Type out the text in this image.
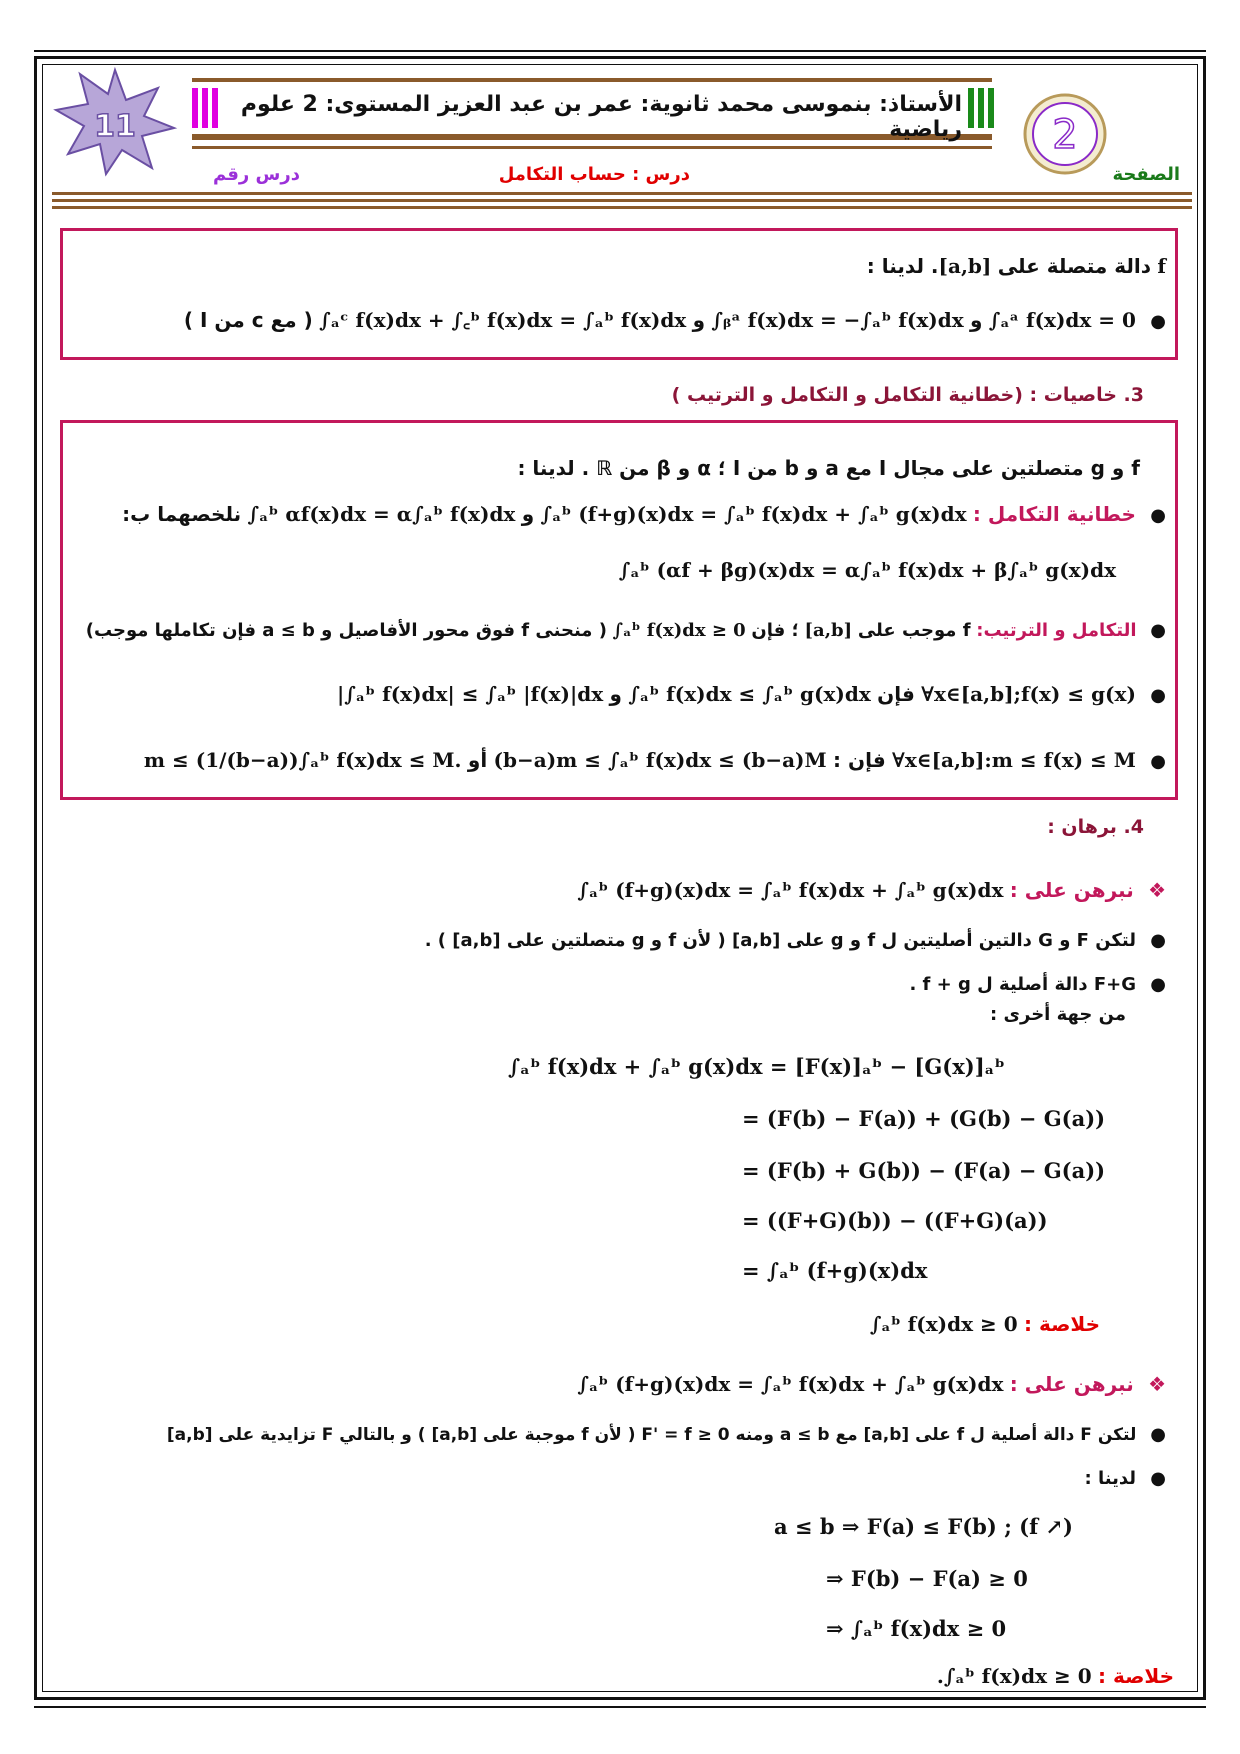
11
الأستاذ: بنموسى محمد ثانوية: عمر بن عبد العزيز المستوى: 2 علوم رياضية 2
الصفحة
درس : حساب التكامل
درس رقم
f دالة متصلة على [a,b]. لدينا :
● ∫ₐᵃ f(x)dx = 0 و ∫ᵦᵃ f(x)dx = −∫ₐᵇ f(x)dx و ∫ₐᶜ f(x)dx + ∫꜀ᵇ f(x)dx = ∫ₐᵇ f(x)dx ( مع c من I )
3. خاصيات : (خطانية التكامل و التكامل و الترتيب )
f و g متصلتين على مجال I مع a و b من I ؛ α و β من ℝ . لدينا :
● خطانية التكامل : ∫ₐᵇ (f+g)(x)dx = ∫ₐᵇ f(x)dx + ∫ₐᵇ g(x)dx و ∫ₐᵇ αf(x)dx = α∫ₐᵇ f(x)dx نلخصهما ب:
∫ₐᵇ (αf + βg)(x)dx = α∫ₐᵇ f(x)dx + β∫ₐᵇ g(x)dx
● التكامل و الترتيب: f موجب على [a,b] ؛ فإن ∫ₐᵇ f(x)dx ≥ 0 ( منحنى f فوق محور الأفاصيل و a ≤ b فإن تكاملها موجب)
● ∀x∈[a,b];f(x) ≤ g(x) فإن ∫ₐᵇ f(x)dx ≤ ∫ₐᵇ g(x)dx و |∫ₐᵇ f(x)dx| ≤ ∫ₐᵇ |f(x)|dx
● ∀x∈[a,b]:m ≤ f(x) ≤ M فإن : (b−a)m ≤ ∫ₐᵇ f(x)dx ≤ (b−a)M أو m ≤ (1/(b−a))∫ₐᵇ f(x)dx ≤ M.
4. برهان :
❖ نبرهن على : ∫ₐᵇ (f+g)(x)dx = ∫ₐᵇ f(x)dx + ∫ₐᵇ g(x)dx
● لتكن F و G دالتين أصليتين ل f و g على [a,b] ( لأن f و g متصلتين على [a,b] ) .
● F+G دالة أصلية ل f + g .
من جهة أخرى :
∫ₐᵇ f(x)dx + ∫ₐᵇ g(x)dx = [F(x)]ₐᵇ − [G(x)]ₐᵇ
= (F(b) − F(a)) + (G(b) − G(a))
= (F(b) + G(b)) − (F(a) − G(a))
= ((F+G)(b)) − ((F+G)(a))
= ∫ₐᵇ (f+g)(x)dx
خلاصة : ∫ₐᵇ f(x)dx ≥ 0
❖ نبرهن على : ∫ₐᵇ (f+g)(x)dx = ∫ₐᵇ f(x)dx + ∫ₐᵇ g(x)dx
● لتكن F دالة أصلية ل f على [a,b] مع a ≤ b ومنه F' = f ≥ 0 ( لأن f موجبة على [a,b] ) و بالتالي F تزايدية على [a,b]
● لدينا :
a ≤ b ⇒ F(a) ≤ F(b) ; (f ↗)
⇒ F(b) − F(a) ≥ 0
⇒ ∫ₐᵇ f(x)dx ≥ 0
خلاصة : .∫ₐᵇ f(x)dx ≥ 0
